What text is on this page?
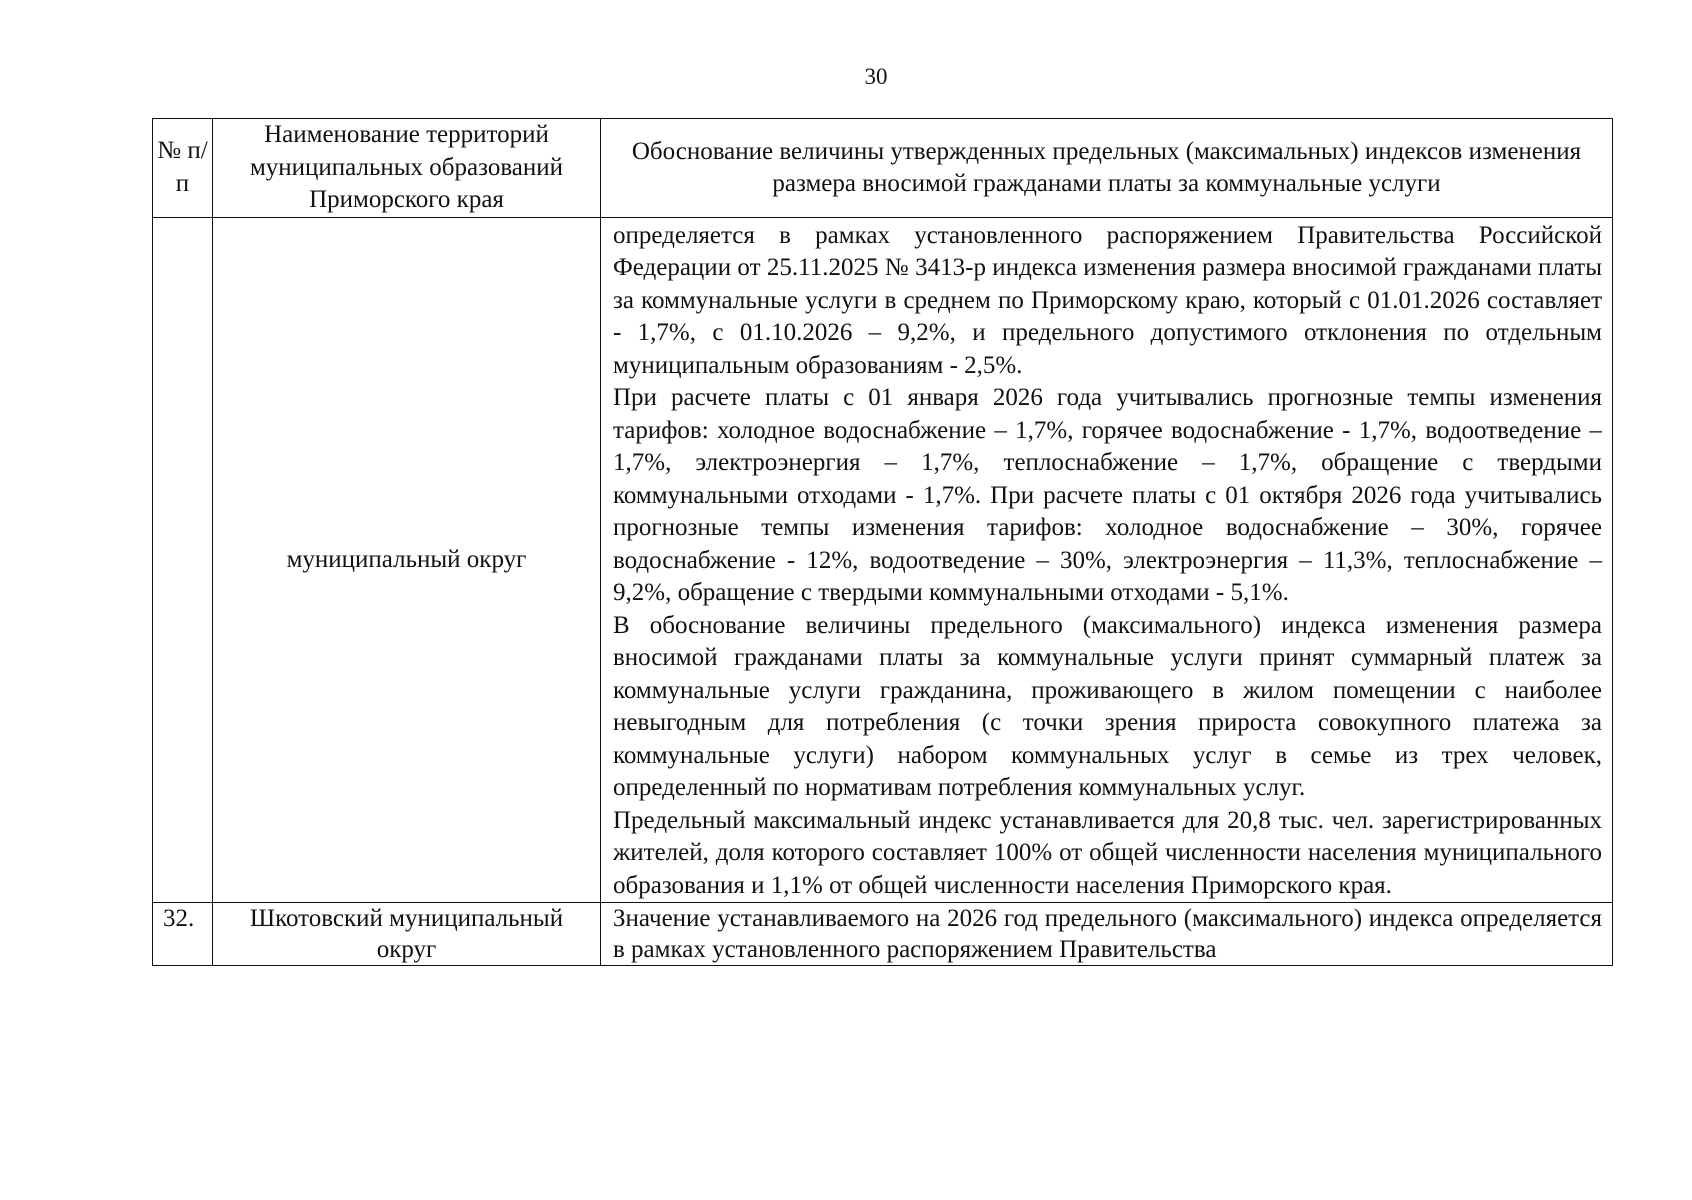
30
№ п/п	Наименование территорий муниципальных образований Приморского края	Обоснование величины утвержденных предельных (максимальных) индексов изменения размера вносимой гражданами платы за коммунальные услуги
	муниципальный округ	определяется в рамках установленного распоряжением Правительства Российской Федерации от 25.11.2025 № 3413-р индекса изменения размера вносимой гражданами платы за коммунальные услуги в среднем по Приморскому краю, который с 01.01.2026 составляет - 1,7%, с 01.10.2026 – 9,2%, и предельного допустимого отклонения по отдельным муниципальным образованиям - 2,5%.

При расчете платы с 01 января 2026 года учитывались прогнозные темпы изменения тарифов: холодное водоснабжение – 1,7%, горячее водоснабжение - 1,7%, водоотведение – 1,7%, электроэнергия – 1,7%, теплоснабжение – 1,7%, обращение с твердыми коммунальными отходами - 1,7%. При расчете платы с 01 октября 2026 года учитывались прогнозные темпы изменения тарифов: холодное водоснабжение – 30%, горячее водоснабжение - 12%, водоотведение – 30%, электроэнергия – 11,3%, теплоснабжение – 9,2%, обращение с твердыми коммунальными отходами - 5,1%.

В обоснование величины предельного (максимального) индекса изменения размера вносимой гражданами платы за коммунальные услуги принят суммарный платеж за коммунальные услуги гражданина, проживающего в жилом помещении с наиболее невыгодным для потребления (с точки зрения прироста совокупного платежа за коммунальные услуги) набором коммунальных услуг в семье из трех человек, определенный по нормативам потребления коммунальных услуг.

Предельный максимальный индекс устанавливается для 20,8 тыс. чел. зарегистрированных жителей, доля которого составляет 100% от общей численности населения муниципального образования и 1,1% от общей численности населения Приморского края.

32.	Шкотовский муниципальный округ	Значение устанавливаемого на 2026 год предельного (максимального) индекса определяется в рамках установленного распоряжением Правительства
